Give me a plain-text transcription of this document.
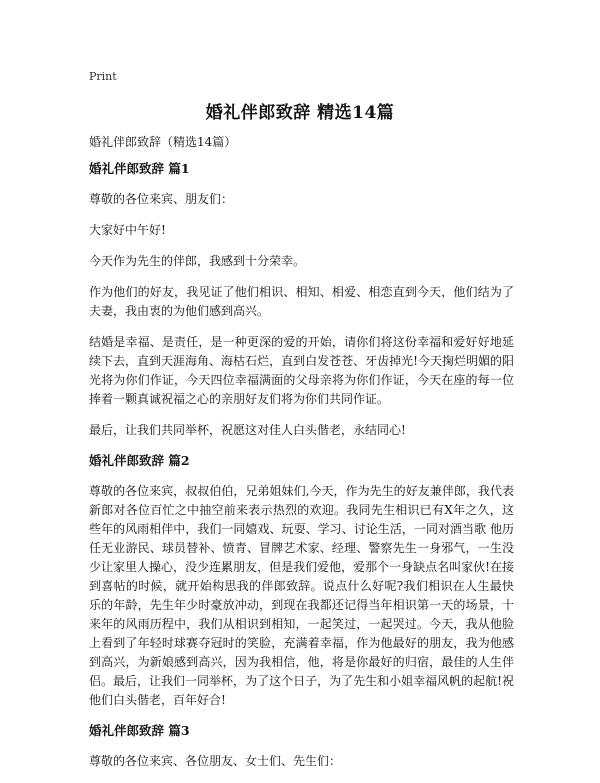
Print
婚礼伴郎致辞 精选14篇
婚礼伴郎致辞（精选14篇）
婚礼伴郎致辞 篇1

尊敬的各位来宾、朋友们：

大家好中午好!

今天作为先生的伴郎，我感到十分荣幸。

作为他们的好友，我见证了他们相识、相知、相爱、相恋直到今天，他们结为了夫妻，我由衷的为他们感到高兴。

结婚是幸福、是责任，是一种更深的爱的开始，请你们将这份幸福和爱好好地延续下去，直到天涯海角、海枯石烂，直到白发苍苍、牙齿掉光!今天掬烂明媚的阳光将为你们作证，今天四位幸福满面的父母亲将为你们作证，今天在座的每一位捧着一颗真诚祝福之心的亲朋好友们将为你们共同作证。

最后，让我们共同举杯，祝愿这对佳人白头偕老，永结同心!

婚礼伴郎致辞 篇2

尊敬的各位来宾，叔叔伯伯，兄弟姐妹们,今天，作为先生的好友兼伴郎，我代表新郎对各位百忙之中抽空前来表示热烈的欢迎。我同先生相识已有X年之久，这些年的风雨相伴中，我们一同嬉戏、玩耍、学习、讨论生活，一同对酒当歌 他历任无业游民、球员替补、愤青、冒牌艺术家、经理、警察先生一身邪气，一生没少让家里人操心，没少连累朋友，但是我们爱他，爱那个一身缺点名叫家伙!在接到喜帖的时候，就开始构思我的伴郎致辞。说点什么好呢?我们相识在人生最快乐的年龄，先生年少时豪放冲动，到现在我都还记得当年相识第一天的场景，十来年的风雨历程中，我们从相识到相知，一起笑过，一起哭过。今天，我从他脸上看到了年轻时球赛夺冠时的笑脸，充满着幸福，作为他最好的朋友，我为他感到高兴，为新娘感到高兴，因为我相信，他，将是你最好的归宿，最佳的人生伴侣。最后，让我们一同举杯，为了这个日子，为了先生和小姐幸福风帆的起航!祝他们白头偕老，百年好合!

婚礼伴郎致辞 篇3

尊敬的各位来宾、各位朋友、女士们、先生们：
